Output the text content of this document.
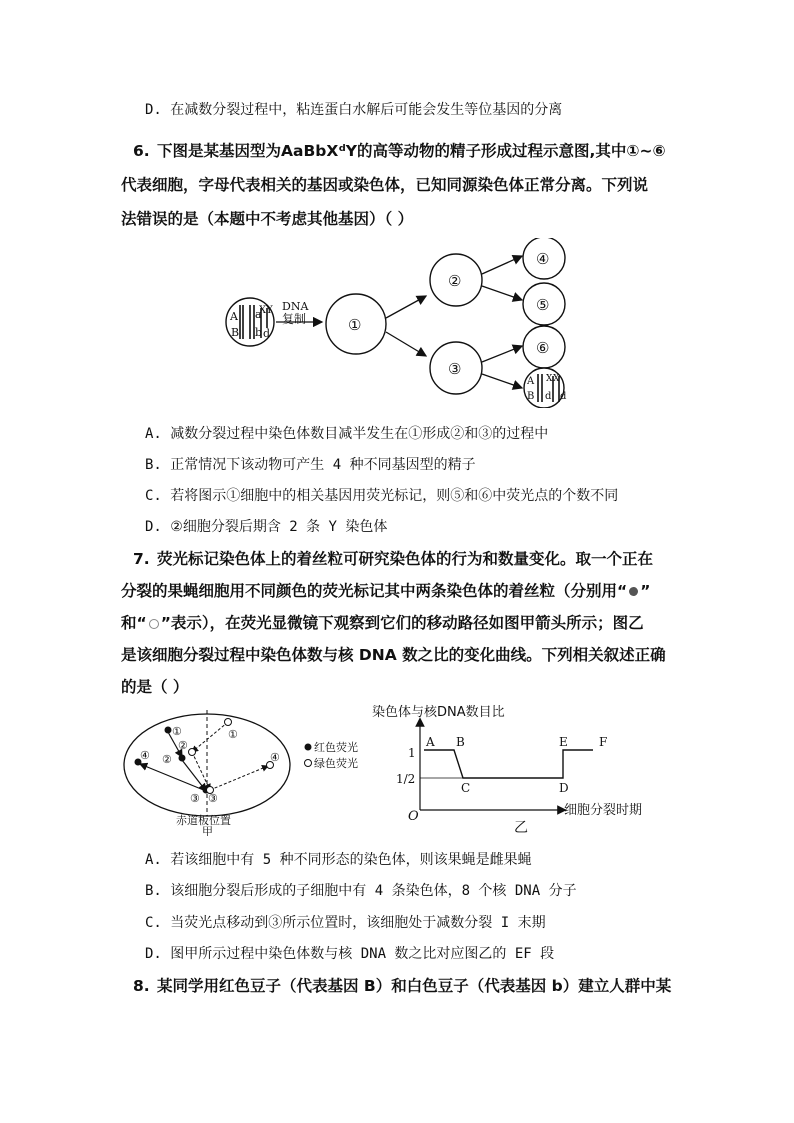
D. 在减数分裂过程中，粘连蛋白水解后可能会发生等位基因的分离
6. 下图是某基因型为AaBbXᵈY的高等动物的精子形成过程示意图,其中①~⑥
代表细胞，字母代表相关的基因或染色体，已知同源染色体正常分离。下列说
法错误的是（本题中不考虑其他基因）（ ）
A
B
a
b
X Y
d
DNA
复制	①
②
③
④
⑤
⑥
A
B
X X
d d
A. 减数分裂过程中染色体数目减半发生在①形成②和③的过程中
B. 正常情况下该动物可产生 4 种不同基因型的精子
C. 若将图示①细胞中的相关基因用荧光标记，则⑤和⑥中荧光点的个数不同
D. ②细胞分裂后期含 2 条 Y 染色体
7. 荧光标记染色体上的着丝粒可研究染色体的行为和数量变化。取一个正在
分裂的果蝇细胞用不同颜色的荧光标记其中两条染色体的着丝粒（分别用“ ”
和“ ”表示），在荧光显微镜下观察到它们的移动路径如图甲箭头所示；图乙
是该细胞分裂过程中染色体数与核 DNA 数之比的变化曲线。下列相关叙述正确
的是（ ）
①	①
②
②
③ ③
④	④
红色荧光
绿色荧光
赤道板位置
甲
染色体与核DNA数目比
O
1
1/2
A B
C	D
E	F
细胞分裂时期
乙
A. 若该细胞中有 5 种不同形态的染色体，则该果蝇是雌果蝇
B. 该细胞分裂后形成的子细胞中有 4 条染色体，8 个核 DNA 分子
C. 当荧光点移动到③所示位置时，该细胞处于减数分裂 I 末期
D. 图甲所示过程中染色体数与核 DNA 数之比对应图乙的 EF 段
8. 某同学用红色豆子（代表基因 B）和白色豆子（代表基因 b）建立人群中某
